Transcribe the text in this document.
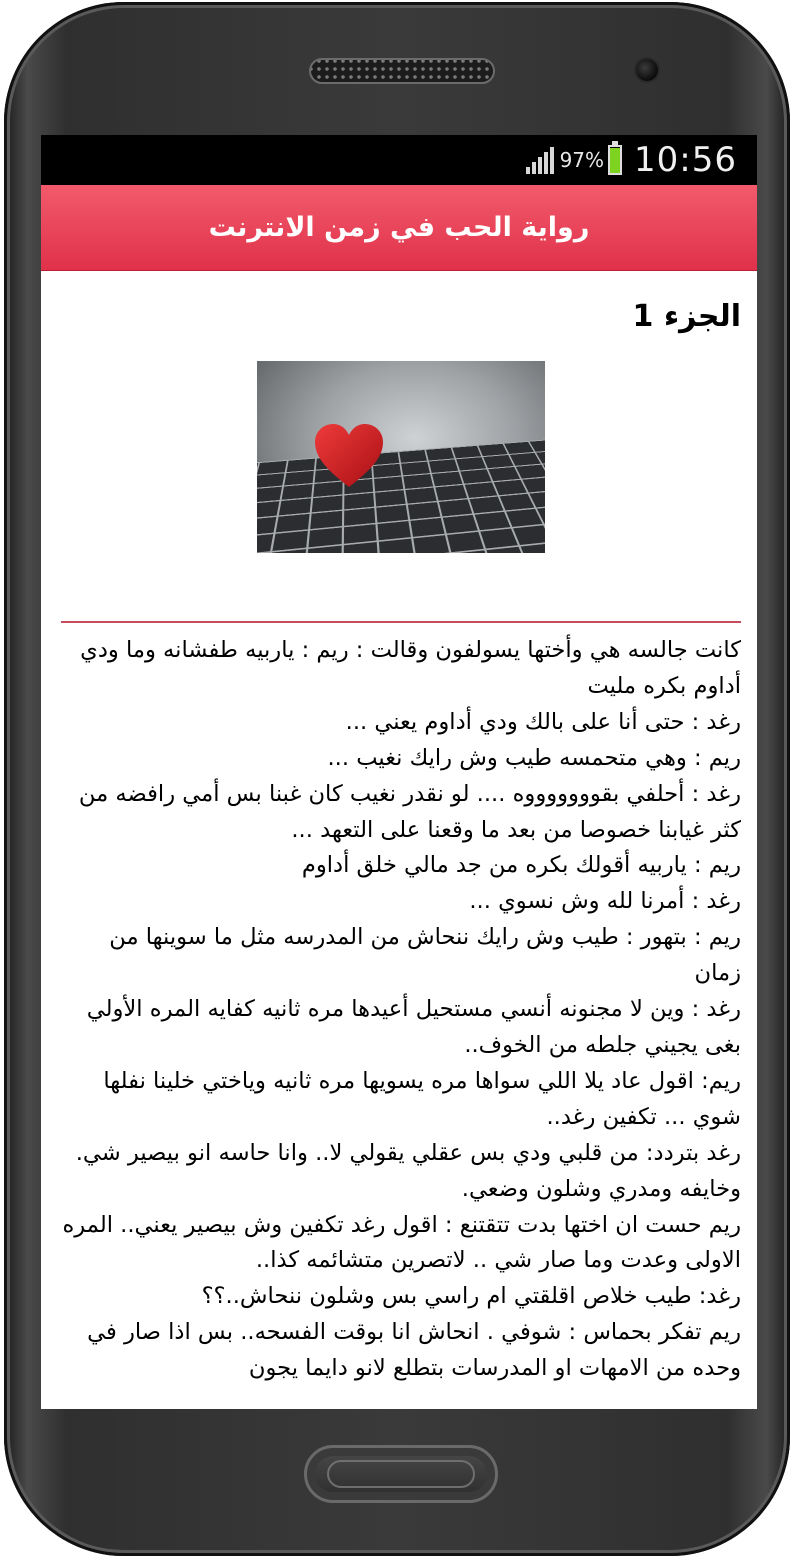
97% 10:56
رواية الحب في زمن الانترنت
الجزء 1

كانت جالسه هي وأختها يسولفون وقالت : ريم : ياربيه طفشانه وما ودي أداوم بكره مليت

رغد : حتى أنا على بالك ودي أداوم يعني ...

ريم : وهي متحمسه طيب وش رايك نغيب ...

رغد : أحلفي بقوووووووه .... لو نقدر نغيب كان غبنا بس أمي رافضه من كثر غيابنا خصوصا من بعد ما وقعنا على التعهد ...

ريم : ياربيه أقولك بكره من جد مالي خلق أداوم

رغد : أمرنا لله وش نسوي ...

ريم : بتهور : طيب وش رايك ننحاش من المدرسه مثل ما سوينها من زمان

رغد : وين لا مجنونه أنسي مستحيل أعيدها مره ثانيه كفايه المره الأولي بغى يجيني جلطه من الخوف..

ريم: اقول عاد يلا اللي سواها مره يسويها مره ثانيه وياختي خلينا نفلها شوي ... تكفين رغد..

رغد بتردد: من قلبي ودي بس عقلي يقولي لا.. وانا حاسه انو بيصير شي. وخايفه ومدري وشلون وضعي.

ريم حست ان اختها بدت تتقتنع : اقول رغد تكفين وش بيصير يعني.. المره الاولى وعدت وما صار شي .. لاتصرين متشائمه كذا..

رغد: طيب خلاص اقلقتي ام راسي بس وشلون ننحاش..؟؟

ريم تفكر بحماس : شوفي . انحاش انا بوقت الفسحه.. بس اذا صار في وحده من الامهات او المدرسات بتطلع لانو دايما يجون
